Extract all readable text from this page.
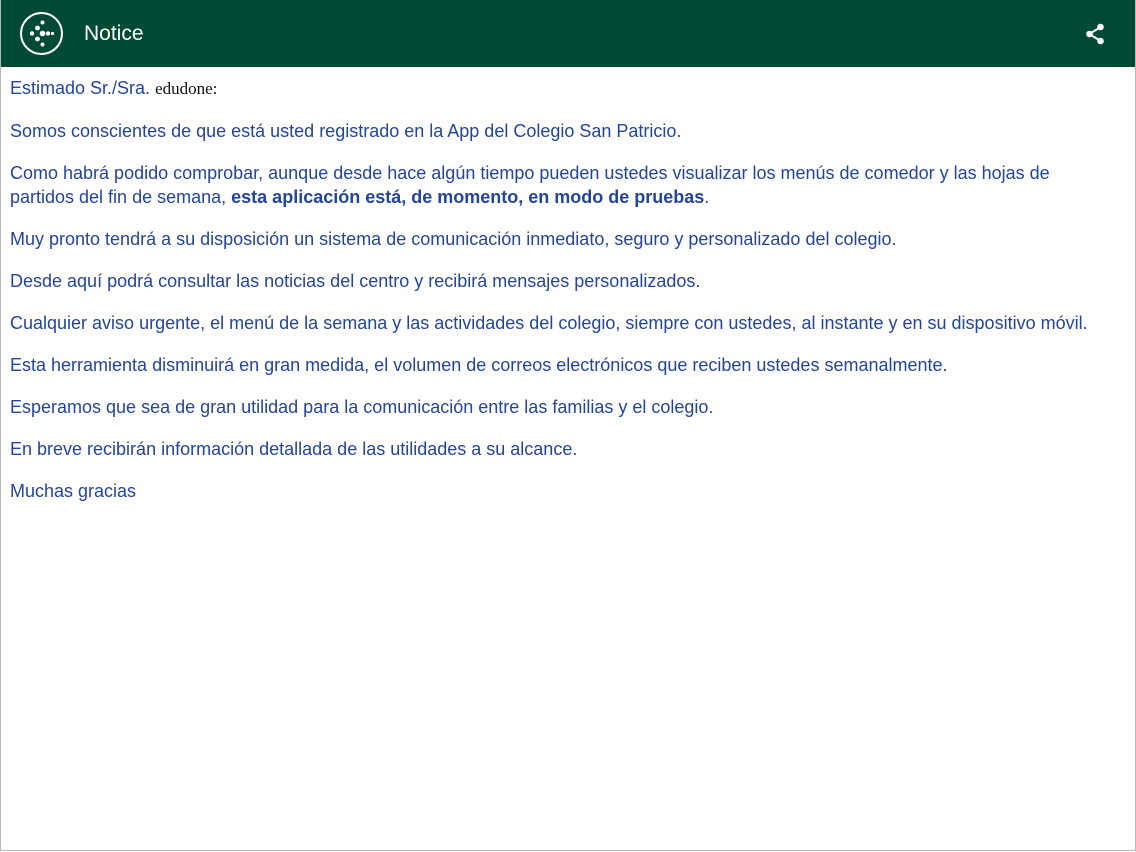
Notice

Estimado Sr./Sra. edudone:

Somos conscientes de que está usted registrado en la App del Colegio San Patricio.

Como habrá podido comprobar, aunque desde hace algún tiempo pueden ustedes visualizar los menús de comedor y las hojas de partidos del fin de semana, esta aplicación está, de momento, en modo de pruebas.

Muy pronto tendrá a su disposición un sistema de comunicación inmediato, seguro y personalizado del colegio.

Desde aquí podrá consultar las noticias del centro y recibirá mensajes personalizados.

Cualquier aviso urgente, el menú de la semana y las actividades del colegio, siempre con ustedes, al instante y en su dispositivo móvil.

Esta herramienta disminuirá en gran medida, el volumen de correos electrónicos que reciben ustedes semanalmente.

Esperamos que sea de gran utilidad para la comunicación entre las familias y el colegio.

En breve recibirán información detallada de las utilidades a su alcance.

Muchas gracias
